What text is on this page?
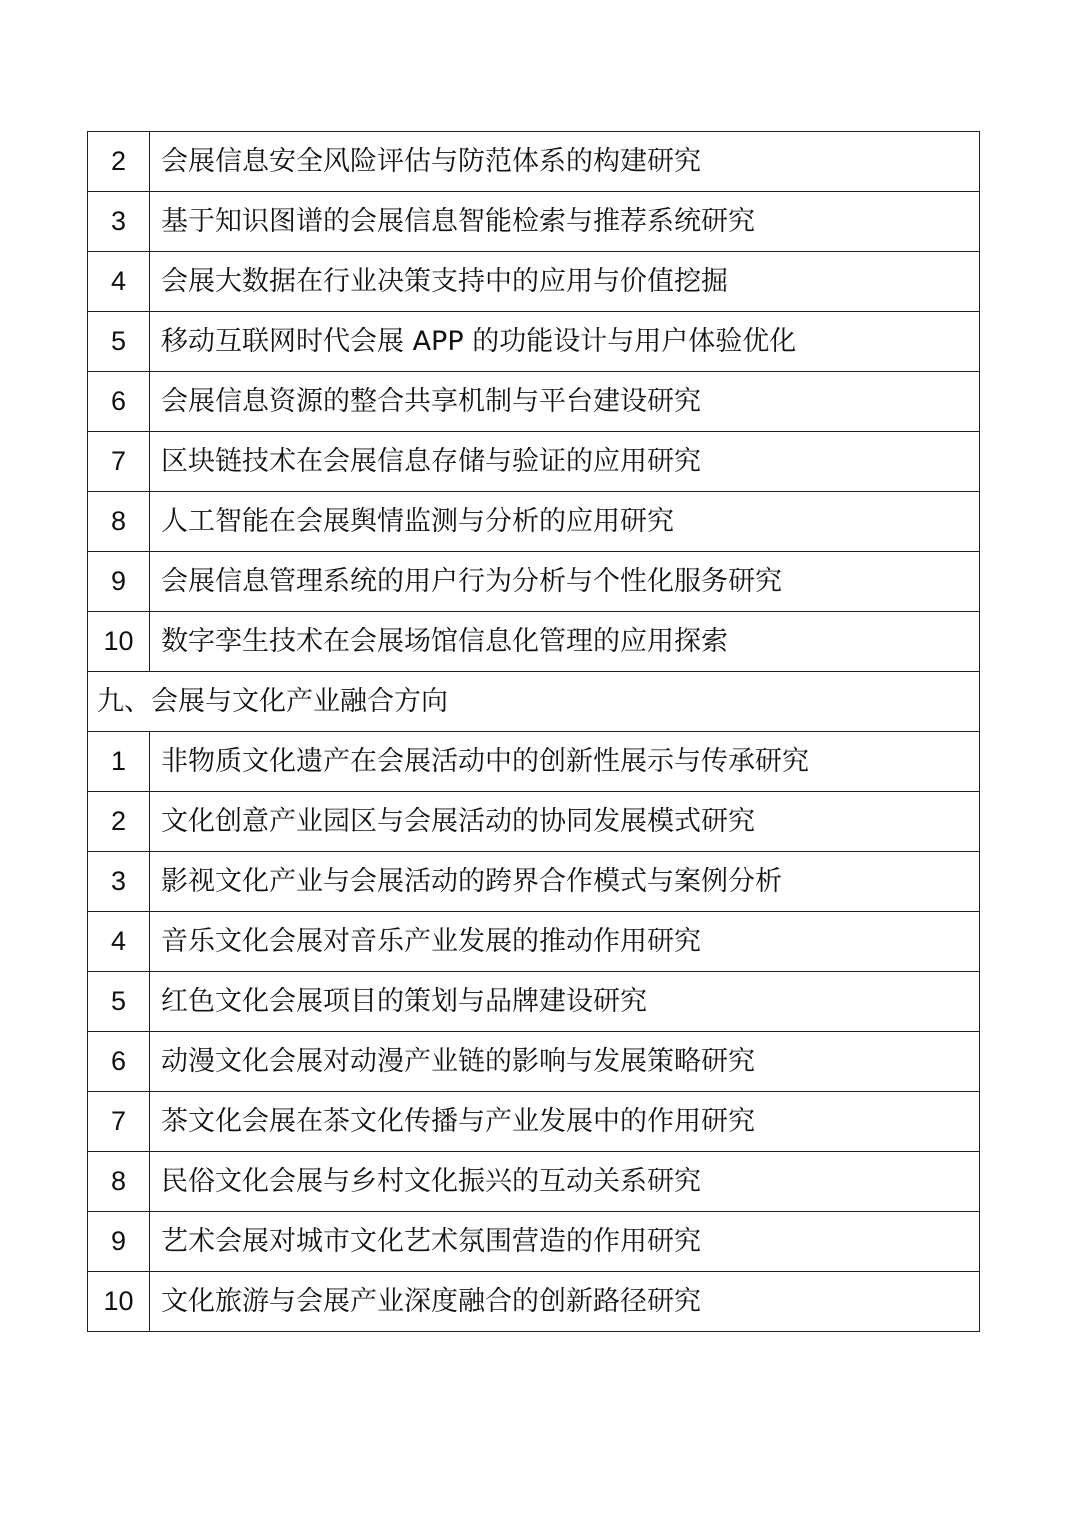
2	会展信息安全风险评估与防范体系的构建研究
3	基于知识图谱的会展信息智能检索与推荐系统研究
4	会展大数据在行业决策支持中的应用与价值挖掘
5	移动互联网时代会展 APP 的功能设计与用户体验优化
6	会展信息资源的整合共享机制与平台建设研究
7	区块链技术在会展信息存储与验证的应用研究
8	人工智能在会展舆情监测与分析的应用研究
9	会展信息管理系统的用户行为分析与个性化服务研究
10	数字孪生技术在会展场馆信息化管理的应用探索
九、会展与文化产业融合方向	
1	非物质文化遗产在会展活动中的创新性展示与传承研究
2	文化创意产业园区与会展活动的协同发展模式研究
3	影视文化产业与会展活动的跨界合作模式与案例分析
4	音乐文化会展对音乐产业发展的推动作用研究
5	红色文化会展项目的策划与品牌建设研究
6	动漫文化会展对动漫产业链的影响与发展策略研究
7	茶文化会展在茶文化传播与产业发展中的作用研究
8	民俗文化会展与乡村文化振兴的互动关系研究
9	艺术会展对城市文化艺术氛围营造的作用研究
10	文化旅游与会展产业深度融合的创新路径研究
